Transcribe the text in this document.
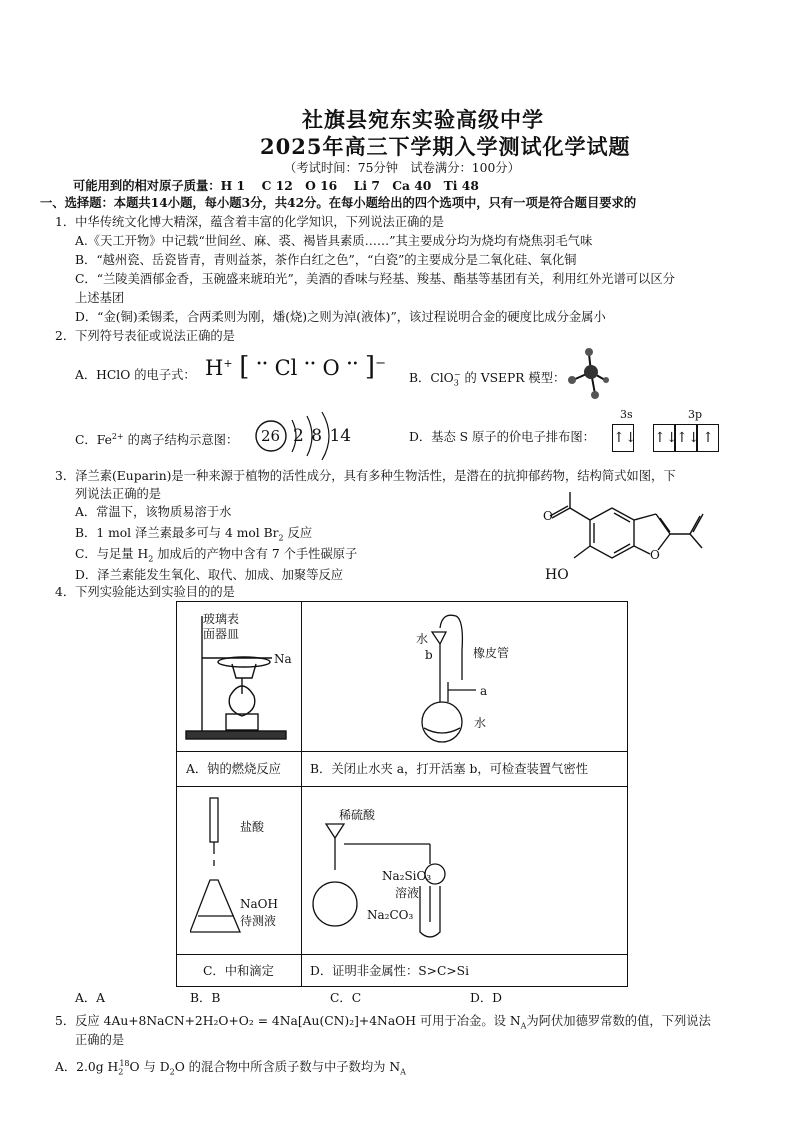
社旗县宛东实验高级中学
2025年高三下学期入学测试化学试题
（考试时间：75分钟　试卷满分：100分）
可能用到的相对原子质量：H 1　 C 12　O 16　 Li 7　Ca 40　Ti 48
一、选择题：本题共14小题，每小题3分，共42分。在每小题给出的四个选项中，只有一项是符合题目要求的
1．中华传统文化博大精深，蕴含着丰富的化学知识，下列说法正确的是
A.《天工开物》中记载“世间丝、麻、裘、褐皆具素质……”其主要成分均为烧均有烧焦羽毛气味
B．“越州瓷、岳瓷皆青，青则益茶，茶作白红之色”，“白瓷”的主要成分是二氧化硅、氧化铜
C．“兰陵美酒郁金香，玉碗盛来琥珀光”，美酒的香味与羟基、羧基、酯基等基团有关，利用红外光谱可以区分
上述基团
D．“金(铜)柔锡柔，合两柔则为刚，燔(烧)之则为淖(液体)”，该过程说明合金的硬度比成分金属小
2．下列符号表征或说法正确的是
A．HClO 的电子式： H+ [ •• Cl •• O •• ]−
B．ClO$_3$− 的 VSEPR 模型：
C．$Fe^{2+}$ 的离子结构示意图： 26 2 8 14	D．基态 S 原子的价电子排布图：
3s	3p
↑↓ ↑↓
↑↓ ↑
3．泽兰素(Euparin)是一种来源于植物的活性成分，具有多种生物活性，是潜在的抗抑郁药物，结构简式如图，下
列说法正确的是
A．常温下，该物质易溶于水
B．1 mol 泽兰素最多可与 4 mol $Br_2$ 反应
C．与足量 $H_2$ 加成后的产物中含有 7 个手性碳原子
D．泽兰素能发生氧化、取代、加成、加聚等反应
O
O
HO
4．下列实验能达到实验目的的是
玻璃表
面器皿
Na
水
b	橡皮管
a
水
A．钠的燃烧反应 B．关闭止水夹 a，打开活塞 b，可检查装置气密性
盐酸
NaOH
待测液
稀硫酸
Na₂SiO₃
溶液
Na₂CO₃
C．中和滴定	D．证明非金属性：S>C>Si
A．A	B．B	C．C	D．D
5．反应 4Au+8NaCN+2H₂O+O₂ = 4Na[Au(CN)₂]+4NaOH 可用于冶金。设 $N_A$为阿伏加德罗常数的值，下列说法
正确的是
A．2.0g $H_2^{18}O$ 与 $D_2O$ 的混合物中所含质子数与中子数均为 $N_A$
